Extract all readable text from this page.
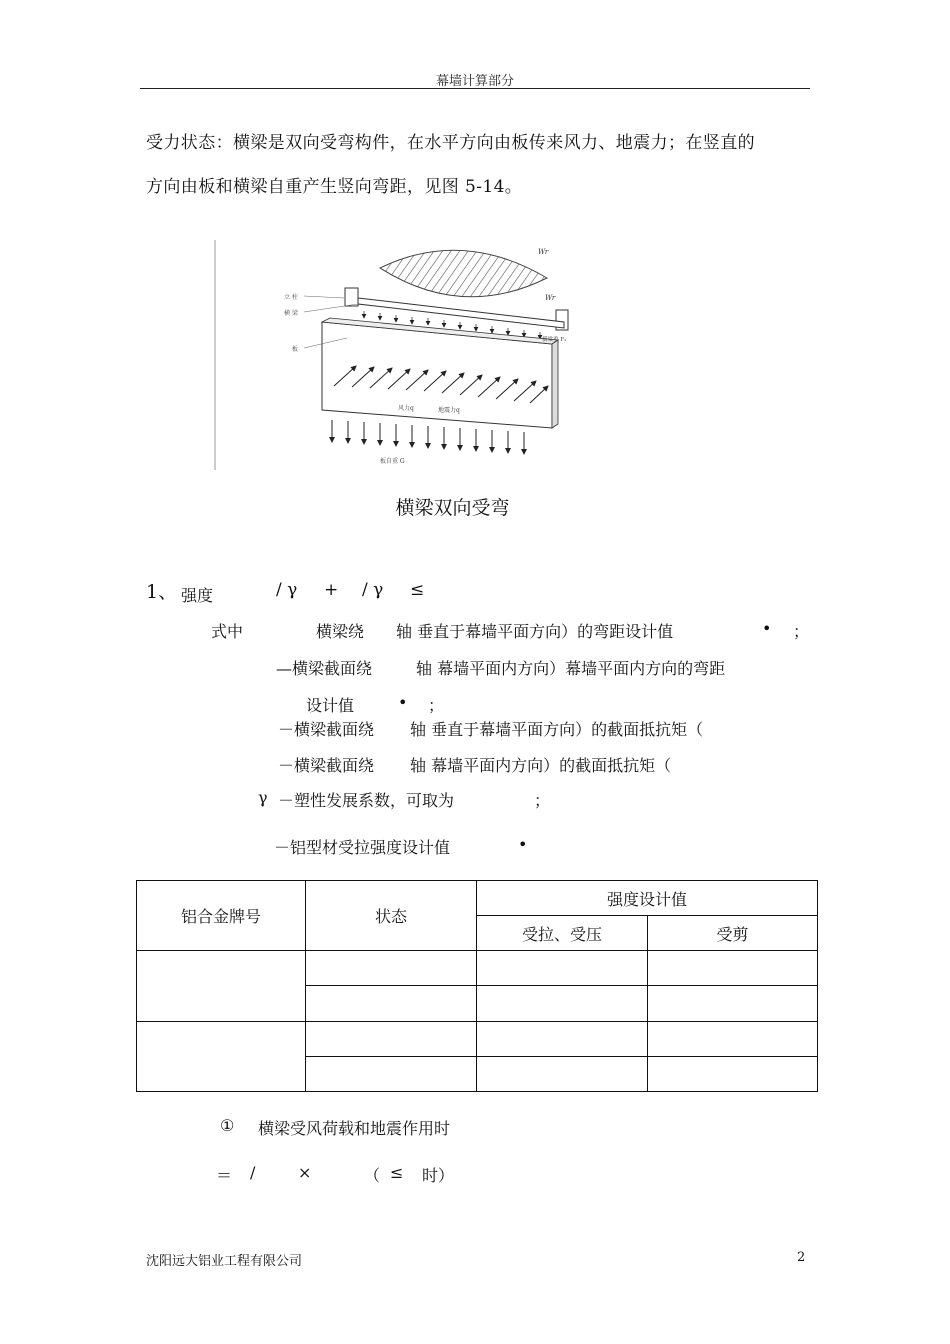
幕墙计算部分
受力状态：横梁是双向受弯构件，在水平方向由板传来风力、地震力；在竖直的
方向由板和横梁自重产生竖向弯距，见图 5-14。
Wr
Wr
立 柱
横 梁
板
横梁重 F₂
风力q	地震力q
板自重 G
横梁双向受弯
1、 强度	/ γ + / γ ≤
式中	横梁绕 轴 垂直于幕墙平面方向）的弯距设计值	• ；
—横梁截面绕	轴 幕墙平面内方向）幕墙平面内方向的弯距
设计值	• ；
－横梁截面绕 轴 垂直于幕墙平面方向）的截面抵抗矩（
－横梁截面绕 轴 幕墙平面内方向）的截面抵抗矩（
γ －塑性发展系数，可取为	；
－铝型材受拉强度设计值	•
铝合金牌号	状态	强度设计值	
		受拉、受压	受剪

① 横梁受风荷载和地震作用时
＝ /	×	（ ≤ 时）
沈阳远大铝业工程有限公司	2
